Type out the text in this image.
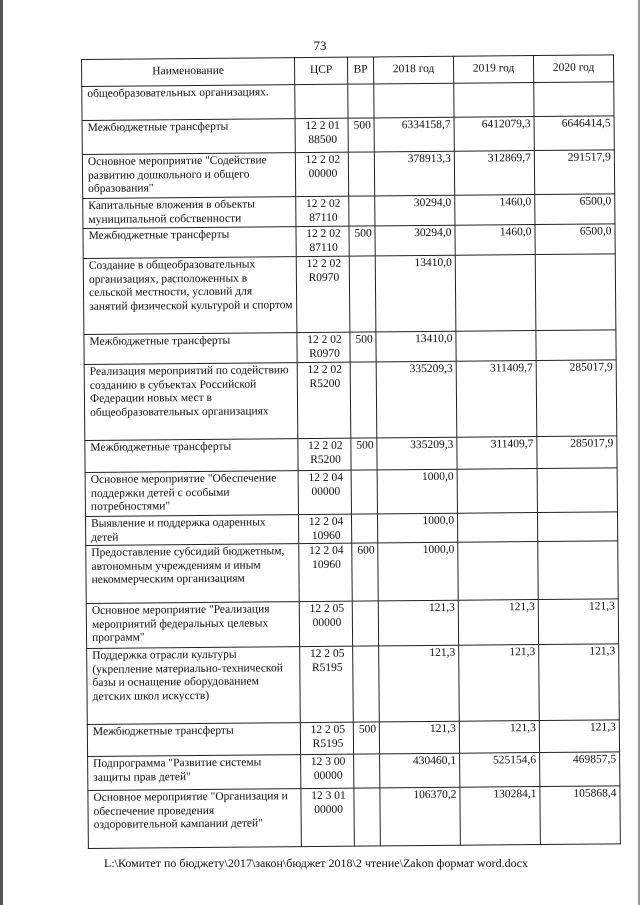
73
Наименование	ЦСР	ВР	2018 год	2019 год	2020 год
общеобразовательных организациях.					
Межбюджетные трансферты	12 2 01 88500	500	6334158,7	6412079,3	6646414,5
Основное мероприятие "Содействие развитию дошкольного и общего образования"	12 2 02 00000		378913,3	312869,7	291517,9
Капитальные вложения в объекты муниципальной собственности	12 2 02 87110		30294,0	1460,0	6500,0
Межбюджетные трансферты	12 2 02 87110	500	30294,0	1460,0	6500,0
Создание в общеобразовательных организациях, расположенных в сельской местности, условий для занятий физической культурой и спортом	12 2 02 R0970		13410,0		
Межбюджетные трансферты	12 2 02 R0970	500	13410,0		
Реализация мероприятий по содействию созданию в субъектах Российской Федерации новых мест в общеобразовательных организациях	12 2 02 R5200		335209,3	311409,7	285017,9
Межбюджетные трансферты	12 2 02 R5200	500	335209,3	311409,7	285017,9
Основное мероприятие "Обеспечение поддержки детей с особыми потребностями"	12 2 04 00000		1000,0		
Выявление и поддержка одаренных детей	12 2 04 10960		1000,0		
Предоставление субсидий бюджетным, автономным учреждениям и иным некоммерческим организациям	12 2 04 10960	600	1000,0		
Основное мероприятие "Реализация мероприятий федеральных целевых программ"	12 2 05 00000		121,3	121,3	121,3
Поддержка отрасли культуры (укрепление материально-технической базы и оснащение оборудованием детских школ искусств)	12 2 05 R5195		121,3	121,3	121,3
Межбюджетные трансферты	12 2 05 R5195	500	121,3	121,3	121,3
Подпрограмма "Развитие системы защиты прав детей"	12 3 00 00000		430460,1	525154,6	469857,5
Основное мероприятие "Организация и обеспечение проведения оздоровительной кампании детей"	12 3 01 00000		106370,2	130284,1	105868,4
L:\Комитет по бюджету\2017\закон\бюджет 2018\2 чтение\Zakon формат word.docx
